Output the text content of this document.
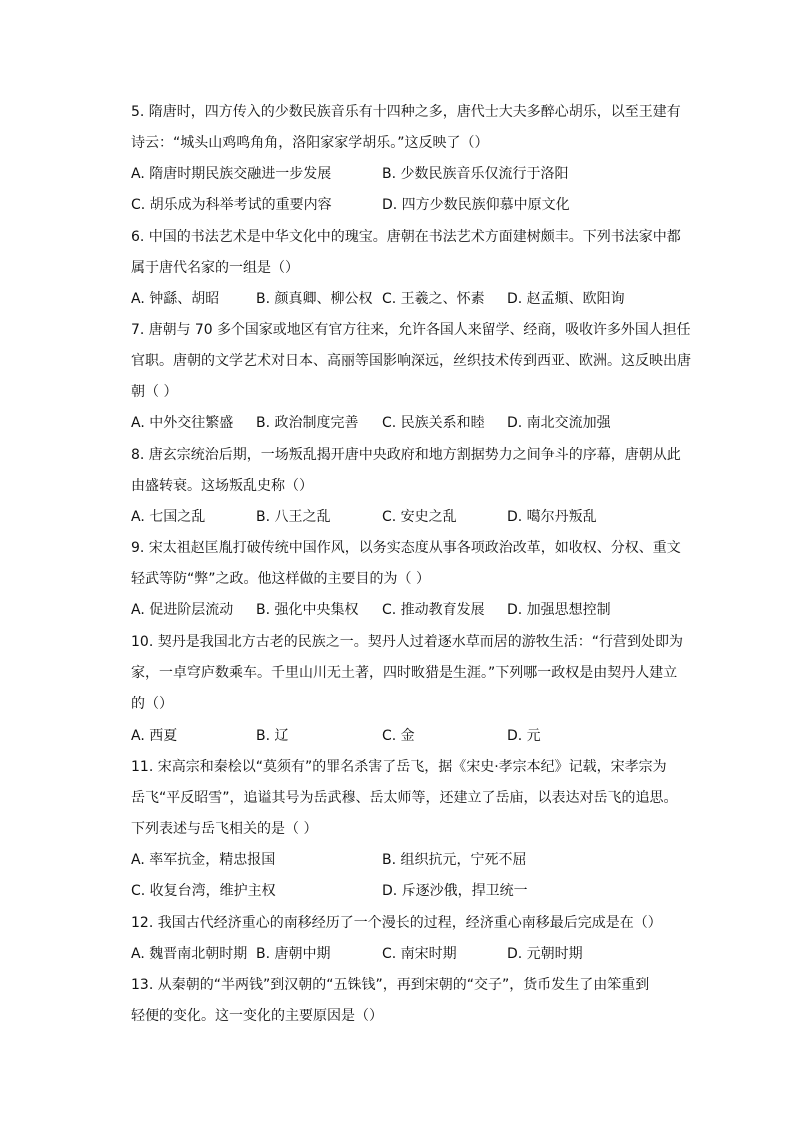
5. 隋唐时，四方传入的少数民族音乐有十四种之多，唐代士大夫多醉心胡乐，以至王建有
诗云：“城头山鸡鸣角角，洛阳家家学胡乐。”这反映了（）
A. 隋唐时期民族交融进一步发展	B. 少数民族音乐仅流行于洛阳
C. 胡乐成为科举考试的重要内容	D. 四方少数民族仰慕中原文化
6. 中国的书法艺术是中华文化中的瑰宝。唐朝在书法艺术方面建树颇丰。下列书法家中都
属于唐代名家的一组是（）
A. 钟繇、胡昭	B. 颜真卿、柳公权 C. 王羲之、怀素 D. 赵孟頫、欧阳询
7. 唐朝与 70 多个国家或地区有官方往来，允许各国人来留学、经商，吸收许多外国人担任
官职。唐朝的文学艺术对日本、高丽等国影响深远，丝织技术传到西亚、欧洲。这反映出唐
朝（ ）
A. 中外交往繁盛 B. 政治制度完善 C. 民族关系和睦 D. 南北交流加强
8. 唐玄宗统治后期，一场叛乱揭开唐中央政府和地方割据势力之间争斗的序幕，唐朝从此
由盛转衰。这场叛乱史称（）
A. 七国之乱	B. 八王之乱	C. 安史之乱	D. 噶尔丹叛乱
9. 宋太祖赵匡胤打破传统中国作风，以务实态度从事各项政治改革，如收权、分权、重文
轻武等防“弊”之政。他这样做的主要目的为（ ）
A. 促进阶层流动 B. 强化中央集权 C. 推动教育发展 D. 加强思想控制
10. 契丹是我国北方古老的民族之一。契丹人过着逐水草而居的游牧生活：“行营到处即为
家，一卓穹庐数乘车。千里山川无土著，四时畋猎是生涯。”下列哪一政权是由契丹人建立
的（）
A. 西夏	B. 辽	C. 金	D. 元
11. 宋高宗和秦桧以“莫须有”的罪名杀害了岳飞，据《宋史·孝宗本纪》记载，宋孝宗为
岳飞“平反昭雪”，追谥其号为岳武穆、岳太师等，还建立了岳庙，以表达对岳飞的追思。
下列表述与岳飞相关的是（ ）
A. 率军抗金，精忠报国	B. 组织抗元，宁死不屈
C. 收复台湾，维护主权	D. 斥逐沙俄，捍卫统一
12. 我国古代经济重心的南移经历了一个漫长的过程，经济重心南移最后完成是在（）
A. 魏晋南北朝时期 B. 唐朝中期	C. 南宋时期	D. 元朝时期
13. 从秦朝的“半两钱”到汉朝的“五铢钱”，再到宋朝的“交子”，货币发生了由笨重到
轻便的变化。这一变化的主要原因是（）
